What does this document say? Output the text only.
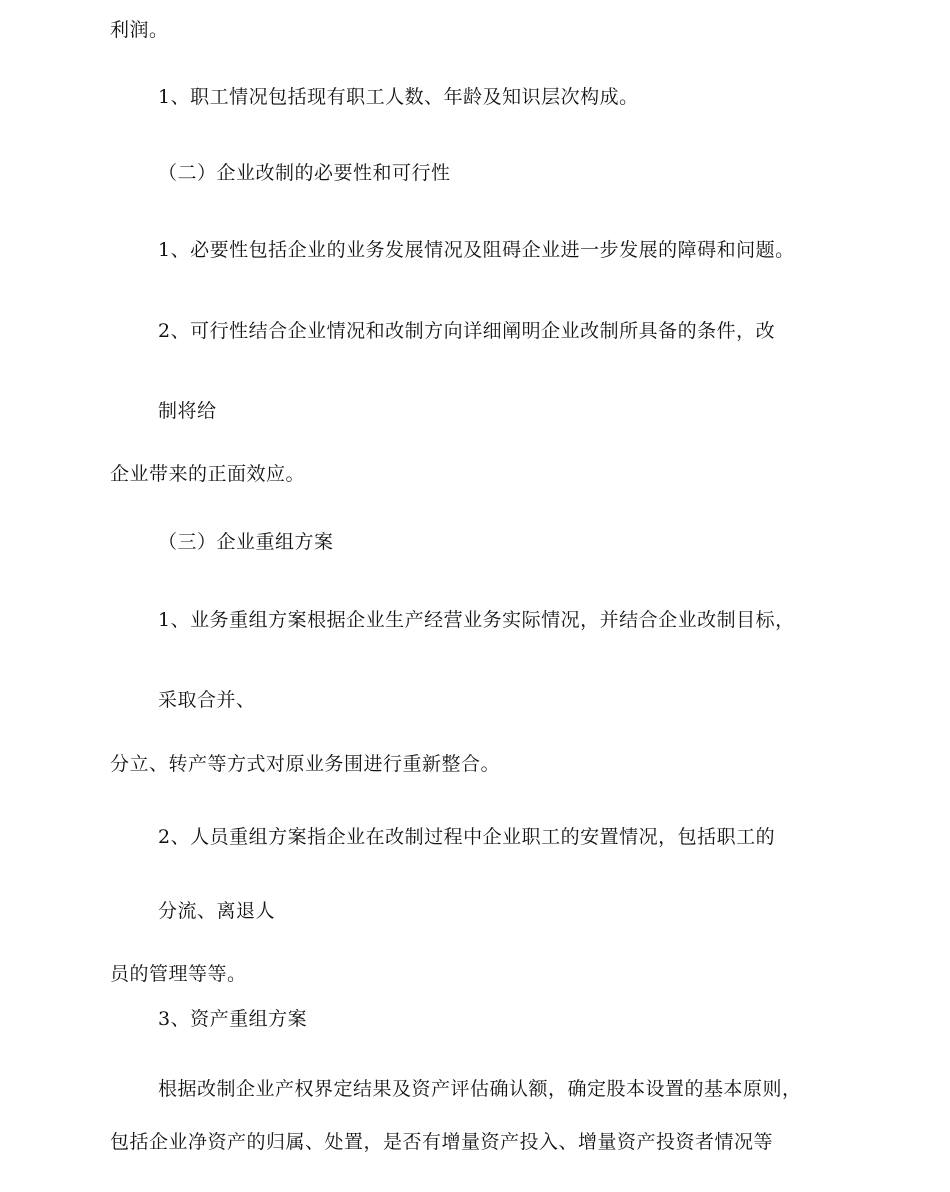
利润。

1、职工情况包括现有职工人数、年龄及知识层次构成。

（二）企业改制的必要性和可行性

1、必要性包括企业的业务发展情况及阻碍企业进一步发展的障碍和问题。

2、可行性结合企业情况和改制方向详细阐明企业改制所具备的条件，改

制将给

企业带来的正面效应。

（三）企业重组方案

1、业务重组方案根据企业生产经营业务实际情况，并结合企业改制目标，

采取合并、

分立、转产等方式对原业务围进行重新整合。

2、人员重组方案指企业在改制过程中企业职工的安置情况，包括职工的

分流、离退人

员的管理等等。

3、资产重组方案

根据改制企业产权界定结果及资产评估确认额，确定股本设置的基本原则，

包括企业净资产的归属、处置，是否有增量资产投入、增量资产投资者情况等
